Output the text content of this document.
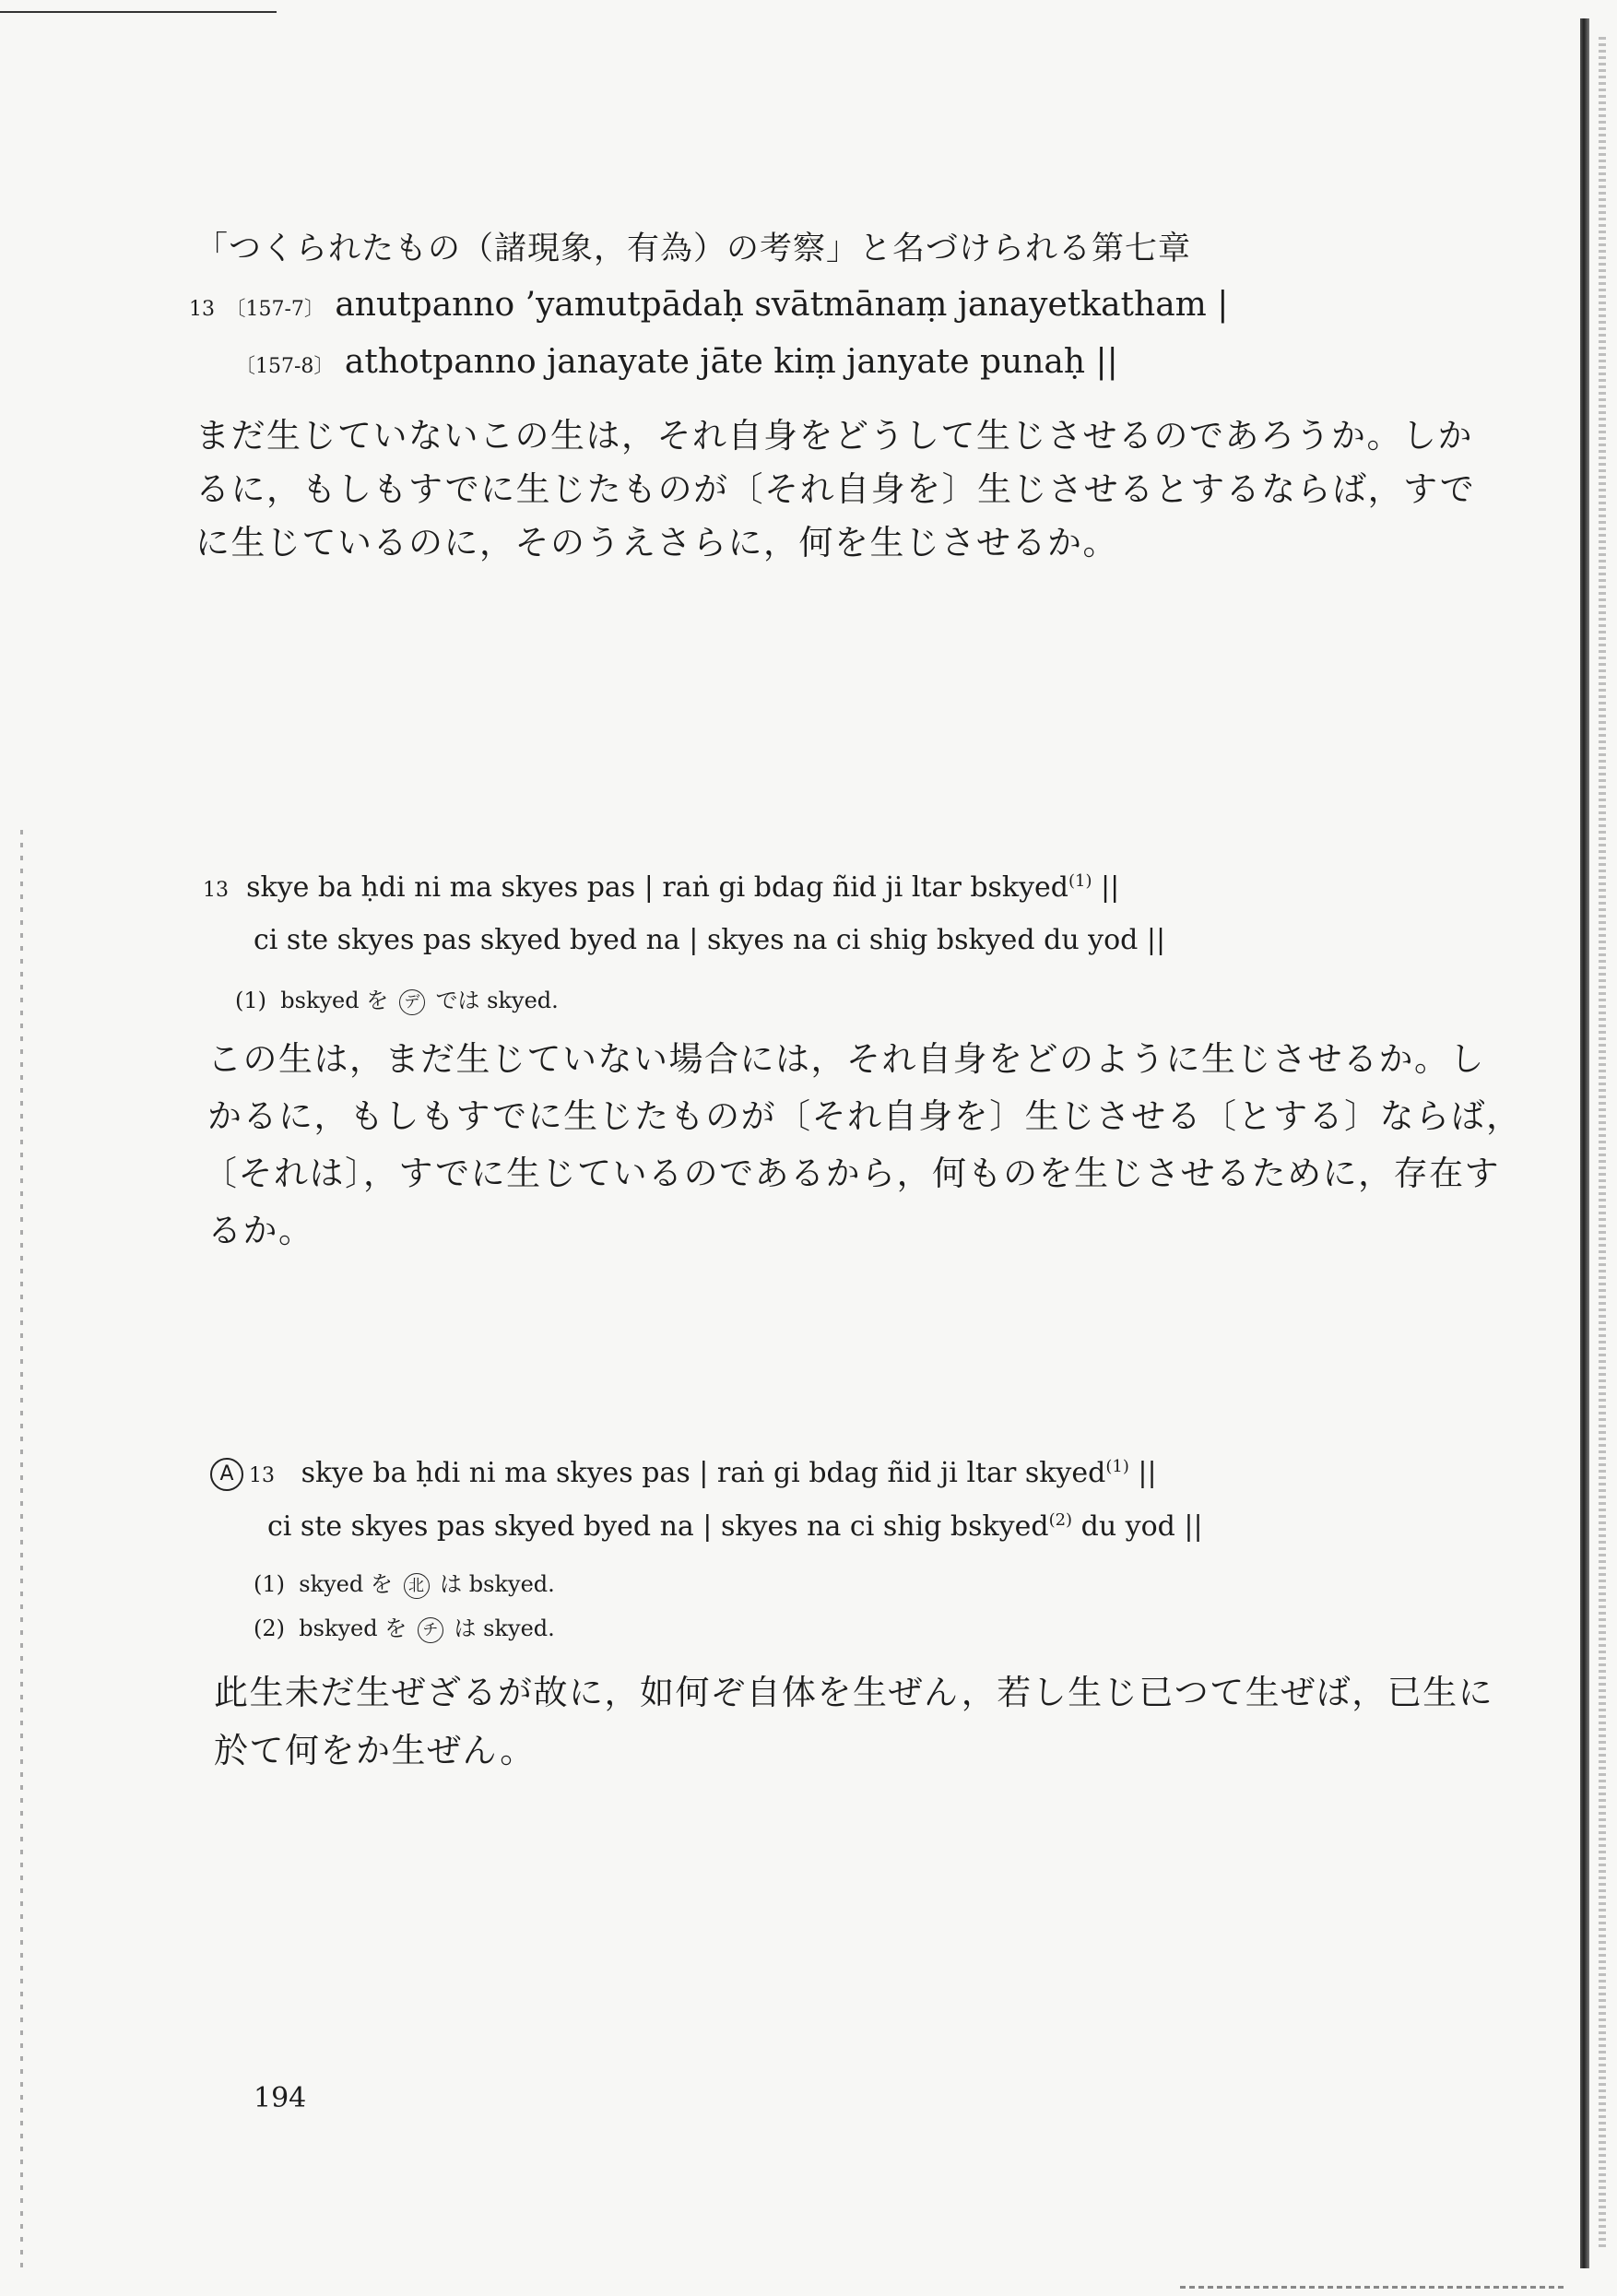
「つくられたもの（諸現象，有為）の考察」と名づけられる第七章
13 〔157-7〕 anutpanno ’yamutpādaḥ svātmānaṃ janayetkatham |
〔157-8〕 athotpanno janayate jāte kiṃ janyate punaḥ ||
まだ生じていないこの生は，それ自身をどうして生じさせるのであろうか。しか
るに，もしもすでに生じたものが〔それ自身を〕生じさせるとするならば，すで
に生じているのに，そのうえさらに，何を生じさせるか。
13 skye ba ḥdi ni ma skyes pas | raṅ gi bdag ñid ji ltar bskyed$^{(1)}$ ||
ci ste skyes pas skyed byed na | skyes na ci shig bskyed du yod ||
(1) bskyed を デ では skyed.
この生は，まだ生じていない場合には，それ自身をどのように生じさせるか。し
かるに，もしもすでに生じたものが〔それ自身を〕生じさせる〔とする〕ならば，
〔それは〕，すでに生じているのであるから，何ものを生じさせるために，存在す
るか。
A 13 skye ba ḥdi ni ma skyes pas | raṅ gi bdag ñid ji ltar skyed$^{(1)}$ ||
ci ste skyes pas skyed byed na | skyes na ci shig bskyed$^{(2)}$ du yod ||
(1) skyed を 北 は bskyed.
(2) bskyed を チ は skyed.
此生未だ生ぜざるが故に，如何ぞ自体を生ぜん，若し生じ已つて生ぜば，已生に
於て何をか生ぜん。
194
